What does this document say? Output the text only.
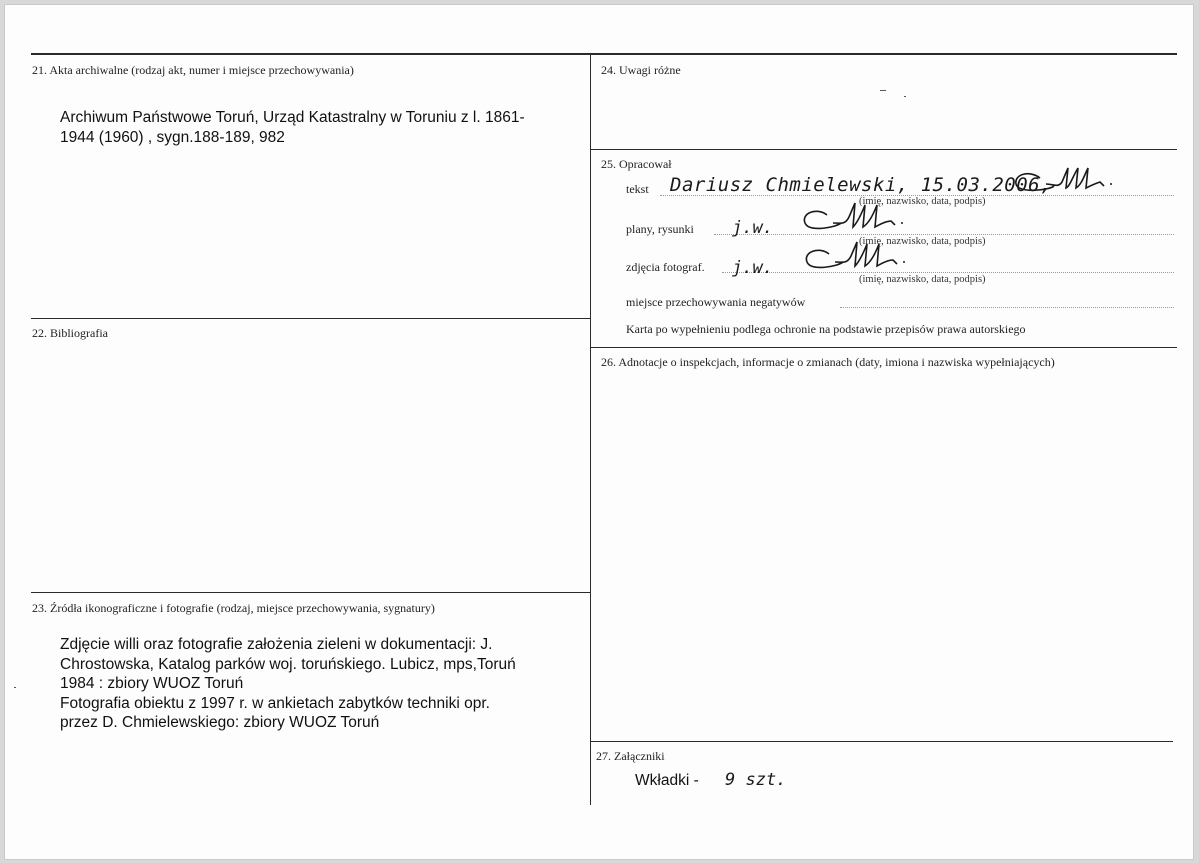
21. Akta archiwalne (rodzaj akt, numer i miejsce przechowywania)
Archiwum Państwowe Toruń, Urząd Katastralny w Toruniu z l. 1861-
1944 (1960) , sygn.188-189, 982
22. Bibliografia
23. Źródła ikonograficzne i fotografie (rodzaj, miejsce przechowywania, sygnatury)
Zdjęcie willi oraz fotografie założenia zieleni w dokumentacji: J.
Chrostowska, Katalog parków woj. toruńskiego. Lubicz, mps,Toruń
1984 : zbiory WUOZ Toruń
Fotografia obiektu z 1997 r. w ankietach zabytków techniki opr.
przez D. Chmielewskiego: zbiory WUOZ Toruń
24. Uwagi różne
25. Opracował
tekst Dariusz Chmielewski, 15.03.2006,
(imię, nazwisko, data, podpis)
plany, rysunki j.w.
(imię, nazwisko, data, podpis)
zdjęcia fotograf. j.w.
(imię, nazwisko, data, podpis)
miejsce przechowywania negatywów
Karta po wypełnieniu podlega ochronie na podstawie przepisów prawa autorskiego
26. Adnotacje o inspekcjach, informacje o zmianach (daty, imiona i nazwiska wypełniających)
27. Załączniki
Wkładki - 9 szt.
